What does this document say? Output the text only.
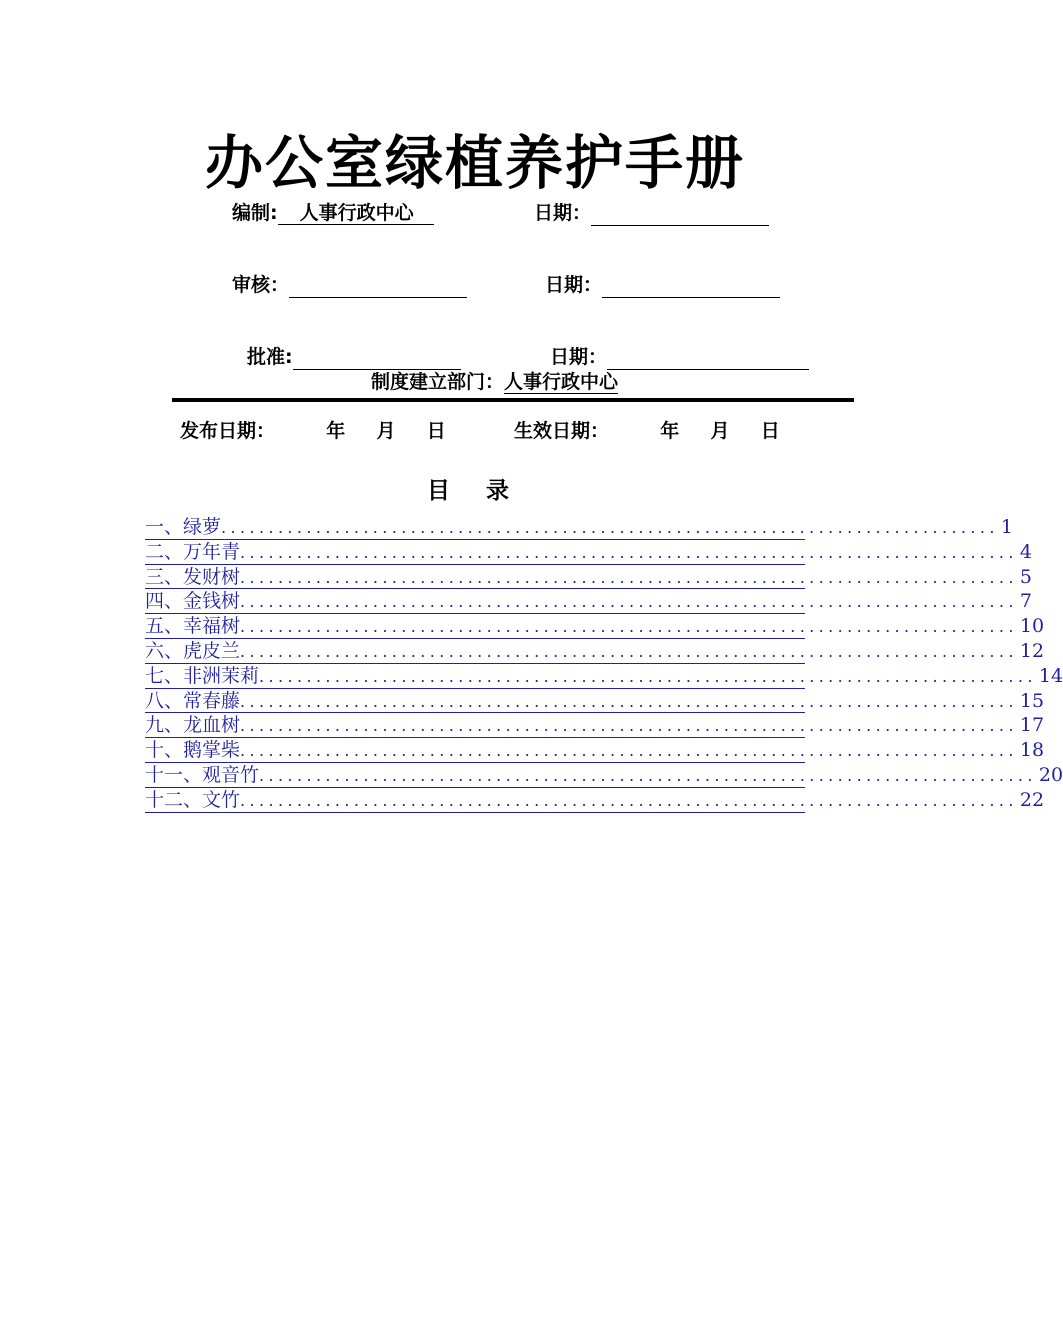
办公室绿植养护手册
编制: 人事行政中心	日期：
审核：	日期：
批准:	日期：
制度建立部门：人事行政中心
发布日期：	年 月 日	生效日期：	年 月 日
目 录
一、 绿萝 .................................................................................. 1
二、 万年青 .................................................................................. 4
三、 发财树 .................................................................................. 5
四、 金钱树 .................................................................................. 7
五、 幸福树 .................................................................................. 10
六、 虎皮兰 .................................................................................. 12
七、 非洲茉莉 .................................................................................. 14
八、 常春藤 .................................................................................. 15
九、 龙血树 .................................................................................. 17
十、 鹅掌柴 .................................................................................. 18
十一、 观音竹 .................................................................................. 20
十二、 文竹 .................................................................................. 22
